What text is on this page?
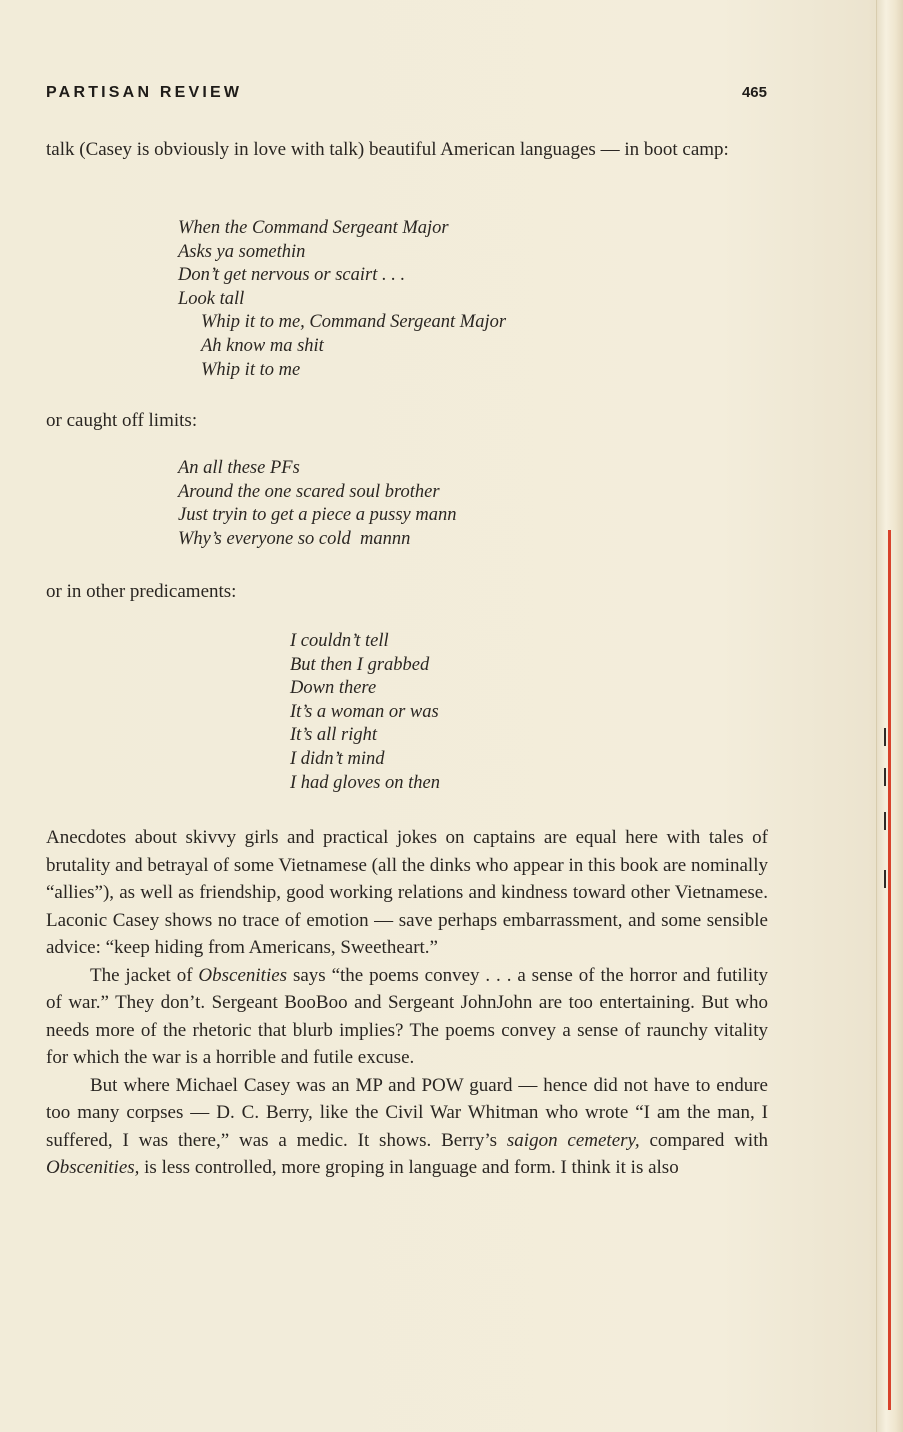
PARTISAN REVIEW	465

talk (Casey is obviously in love with talk) beautiful American languages — in boot camp:

When the Command Sergeant Major
Asks ya somethin
Don’t get nervous or scairt . . .
Look tall
Whip it to me, Command Sergeant Major
Ah know ma shit
Whip it to me

or caught off limits:

An all these PFs
Around the one scared soul brother
Just tryin to get a piece a pussy mann
Why’s everyone so cold  mannn

or in other predicaments:

I couldn’t tell
But then I grabbed
Down there
It’s a woman or was
It’s all right
I didn’t mind
I had gloves on then

Anecdotes about skivvy girls and practical jokes on captains are equal here with tales of brutality and betrayal of some Vietnamese (all the dinks who appear in this book are nominally “allies”), as well as friendship, good working relations and kindness toward other Vietnamese. Laconic Casey shows no trace of emotion — save perhaps embarrassment, and some sensible advice: “keep hiding from Americans, Sweetheart.”

The jacket of Obscenities says “the poems convey . . . a sense of the horror and futility of war.” They don’t. Sergeant BooBoo and Sergeant JohnJohn are too entertaining. But who needs more of the rhetoric that blurb implies? The poems convey a sense of raunchy vitality for which the war is a horrible and futile excuse.

But where Michael Casey was an MP and POW guard — hence did not have to endure too many corpses — D. C. Berry, like the Civil War Whitman who wrote “I am the man, I suffered, I was there,” was a medic. It shows. Berry’s saigon cemetery, compared with Obscenities, is less controlled, more groping in language and form. I think it is also
